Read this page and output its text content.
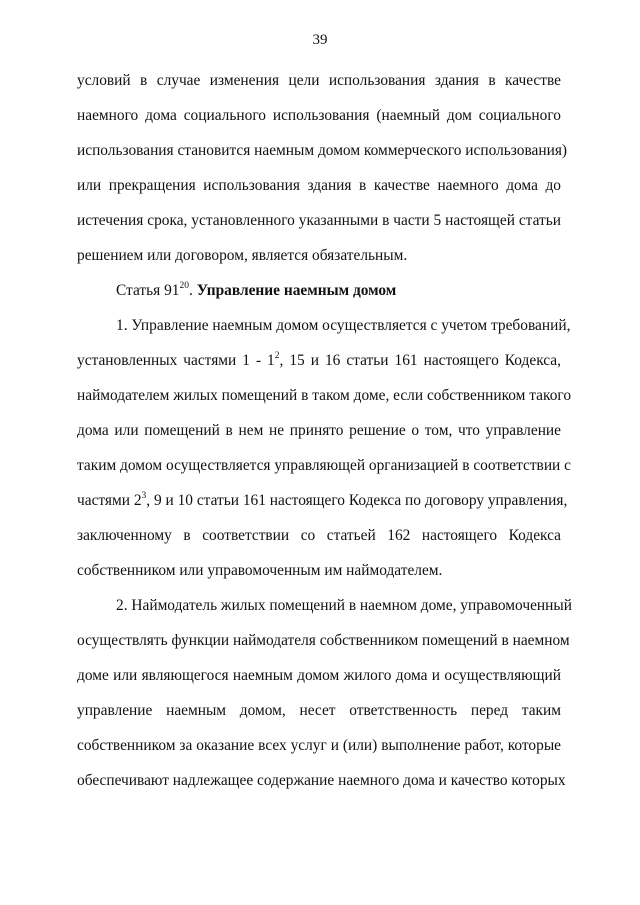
39
условий в случае изменения цели использования здания в качестве
наемного дома социального использования (наемный дом социального
использования становится наемным домом коммерческого использования)
или прекращения использования здания в качестве наемного дома до
истечения срока, установленного указанными в части 5 настоящей статьи
решением или договором, является обязательным.
Статья $91^{20}$. Управление наемным домом
1. Управление наемным домом осуществляется с учетом требований,
установленных частями $1 - 1^2$, 15 и 16 статьи 161 настоящего Кодекса,
наймодателем жилых помещений в таком доме, если собственником такого
дома или помещений в нем не принято решение о том, что управление
таким домом осуществляется управляющей организацией в соответствии с
частями $2^3$, 9 и 10 статьи 161 настоящего Кодекса по договору управления,
заключенному в соответствии со статьей 162 настоящего Кодекса
собственником или управомоченным им наймодателем.
2. Наймодатель жилых помещений в наемном доме, управомоченный
осуществлять функции наймодателя собственником помещений в наемном
доме или являющегося наемным домом жилого дома и осуществляющий
управление наемным домом, несет ответственность перед таким
собственником за оказание всех услуг и (или) выполнение работ, которые
обеспечивают надлежащее содержание наемного дома и качество которых
